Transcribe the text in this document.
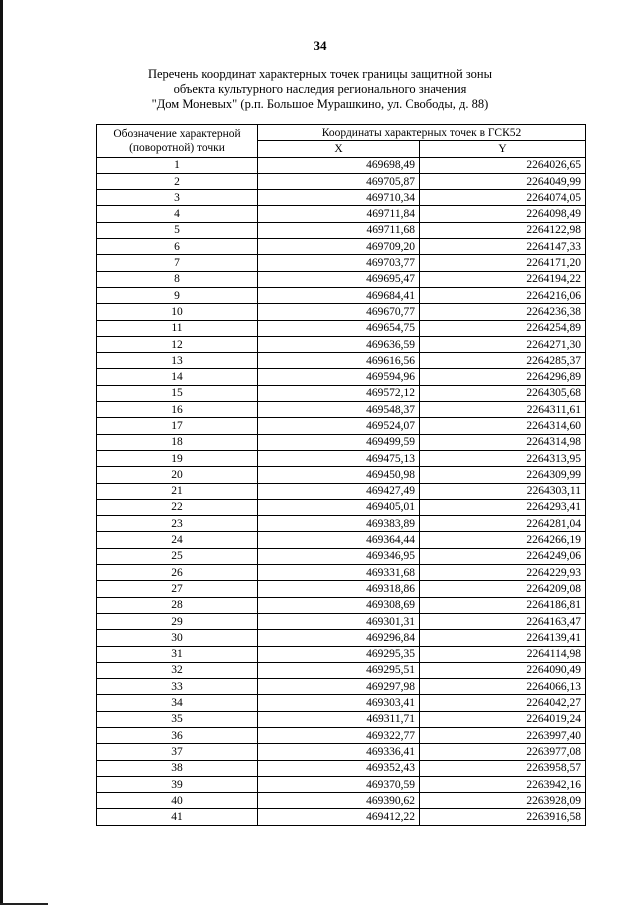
34
Перечень координат характерных точек границы защитной зоны
объекта культурного наследия регионального значения
"Дом Моневых" (р.п. Большое Мурашкино, ул. Свободы, д. 88)
Обозначение характерной (поворотной) точки	Координаты характерных точек в ГСК52	
	X	Y
1	469698,49	2264026,65
2	469705,87	2264049,99
3	469710,34	2264074,05
4	469711,84	2264098,49
5	469711,68	2264122,98
6	469709,20	2264147,33
7	469703,77	2264171,20
8	469695,47	2264194,22
9	469684,41	2264216,06
10	469670,77	2264236,38
11	469654,75	2264254,89
12	469636,59	2264271,30
13	469616,56	2264285,37
14	469594,96	2264296,89
15	469572,12	2264305,68
16	469548,37	2264311,61
17	469524,07	2264314,60
18	469499,59	2264314,98
19	469475,13	2264313,95
20	469450,98	2264309,99
21	469427,49	2264303,11
22	469405,01	2264293,41
23	469383,89	2264281,04
24	469364,44	2264266,19
25	469346,95	2264249,06
26	469331,68	2264229,93
27	469318,86	2264209,08
28	469308,69	2264186,81
29	469301,31	2264163,47
30	469296,84	2264139,41
31	469295,35	2264114,98
32	469295,51	2264090,49
33	469297,98	2264066,13
34	469303,41	2264042,27
35	469311,71	2264019,24
36	469322,77	2263997,40
37	469336,41	2263977,08
38	469352,43	2263958,57
39	469370,59	2263942,16
40	469390,62	2263928,09
41	469412,22	2263916,58
